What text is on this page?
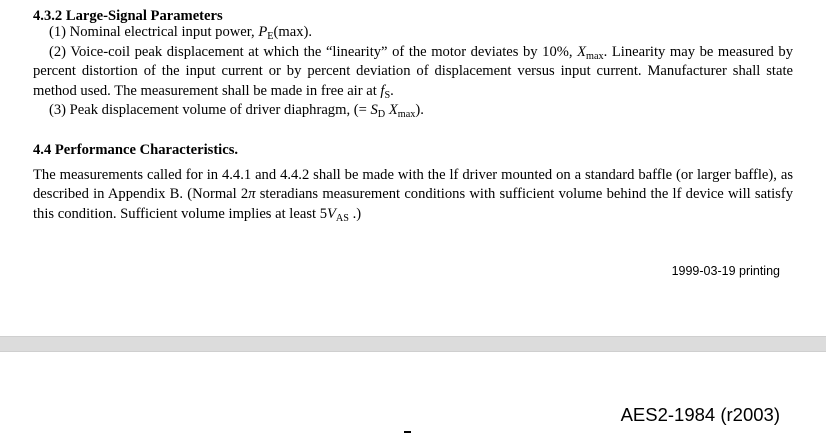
4.3.2 Large-Signal Parameters

(1) Nominal electrical input power, $P_E(\max)$.

(2) Voice-coil peak displacement at which the “linearity” of the motor deviates by 10%, $X_{max}$. Linearity may be measured by percent distortion of the input current or by percent deviation of displacement versus input current. Manufacturer shall state method used. The measurement shall be made in free air at $f_S$.

(3) Peak displacement volume of driver diaphragm, (= $S_D$ $X_{max}$).

4.4 Performance Characteristics.

The measurements called for in 4.4.1 and 4.4.2 shall be made with the lf driver mounted on a standard baffle (or larger baffle), as described in Appendix B. (Normal 2π steradians measurement conditions with sufficient volume behind the lf device will satisfy this condition. Sufficient volume implies at least $5V_{AS}$ .)

1999-03-19 printing
AES2-1984 (r2003)
